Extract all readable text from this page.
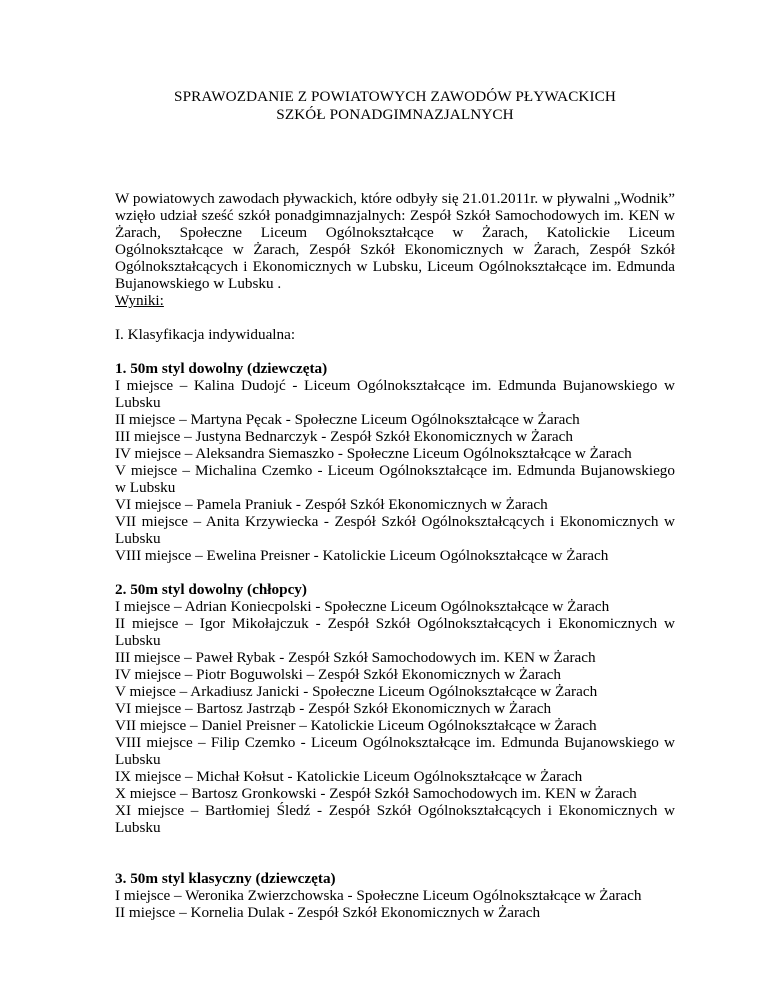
SPRAWOZDANIE Z POWIATOWYCH ZAWODÓW PŁYWACKICH
SZKÓŁ PONADGIMNAZJALNYCH
W powiatowych zawodach pływackich, które odbyły się 21.01.2011r. w pływalni „Wodnik” wzięło udział sześć szkół ponadgimnazjalnych: Zespół Szkół Samochodowych im. KEN w Żarach, Społeczne Liceum Ogólnokształcące w Żarach, Katolickie Liceum Ogólnokształcące w Żarach, Zespół Szkół Ekonomicznych w Żarach, Zespół Szkół Ogólnokształcących i Ekonomicznych w Lubsku, Liceum Ogólnokształcące im. Edmunda Bujanowskiego w Lubsku .
Wyniki:
I. Klasyfikacja indywidualna:
1. 50m styl dowolny (dziewczęta)
I miejsce – Kalina Dudojć - Liceum Ogólnokształcące im. Edmunda Bujanowskiego w Lubsku
II miejsce – Martyna Pęcak - Społeczne Liceum Ogólnokształcące w Żarach
III miejsce – Justyna Bednarczyk - Zespół Szkół Ekonomicznych w Żarach
IV miejsce – Aleksandra Siemaszko - Społeczne Liceum Ogólnokształcące w Żarach
V miejsce – Michalina Czemko - Liceum Ogólnokształcące im. Edmunda Bujanowskiego w Lubsku
VI miejsce – Pamela Praniuk - Zespół Szkół Ekonomicznych w Żarach
VII miejsce – Anita Krzywiecka - Zespół Szkół Ogólnokształcących i Ekonomicznych w Lubsku
VIII miejsce – Ewelina Preisner - Katolickie Liceum Ogólnokształcące w Żarach
2. 50m styl dowolny (chłopcy)
I miejsce – Adrian Koniecpolski - Społeczne Liceum Ogólnokształcące w Żarach
II miejsce – Igor Mikołajczuk - Zespół Szkół Ogólnokształcących i Ekonomicznych w Lubsku
III miejsce – Paweł Rybak - Zespół Szkół Samochodowych im. KEN w Żarach
IV miejsce – Piotr Boguwolski – Zespół Szkół Ekonomicznych w Żarach
V miejsce – Arkadiusz Janicki - Społeczne Liceum Ogólnokształcące w Żarach
VI miejsce – Bartosz Jastrząb - Zespół Szkół Ekonomicznych w Żarach
VII miejsce – Daniel Preisner – Katolickie Liceum Ogólnokształcące w Żarach
VIII miejsce – Filip Czemko - Liceum Ogólnokształcące im. Edmunda Bujanowskiego w Lubsku
IX miejsce – Michał Kołsut - Katolickie Liceum Ogólnokształcące w Żarach
X miejsce – Bartosz Gronkowski - Zespół Szkół Samochodowych im. KEN w Żarach
XI miejsce – Bartłomiej Śledź - Zespół Szkół Ogólnokształcących i Ekonomicznych w Lubsku
3. 50m styl klasyczny (dziewczęta)
I miejsce – Weronika Zwierzchowska - Społeczne Liceum Ogólnokształcące w Żarach
II miejsce – Kornelia Dulak - Zespół Szkół Ekonomicznych w Żarach
